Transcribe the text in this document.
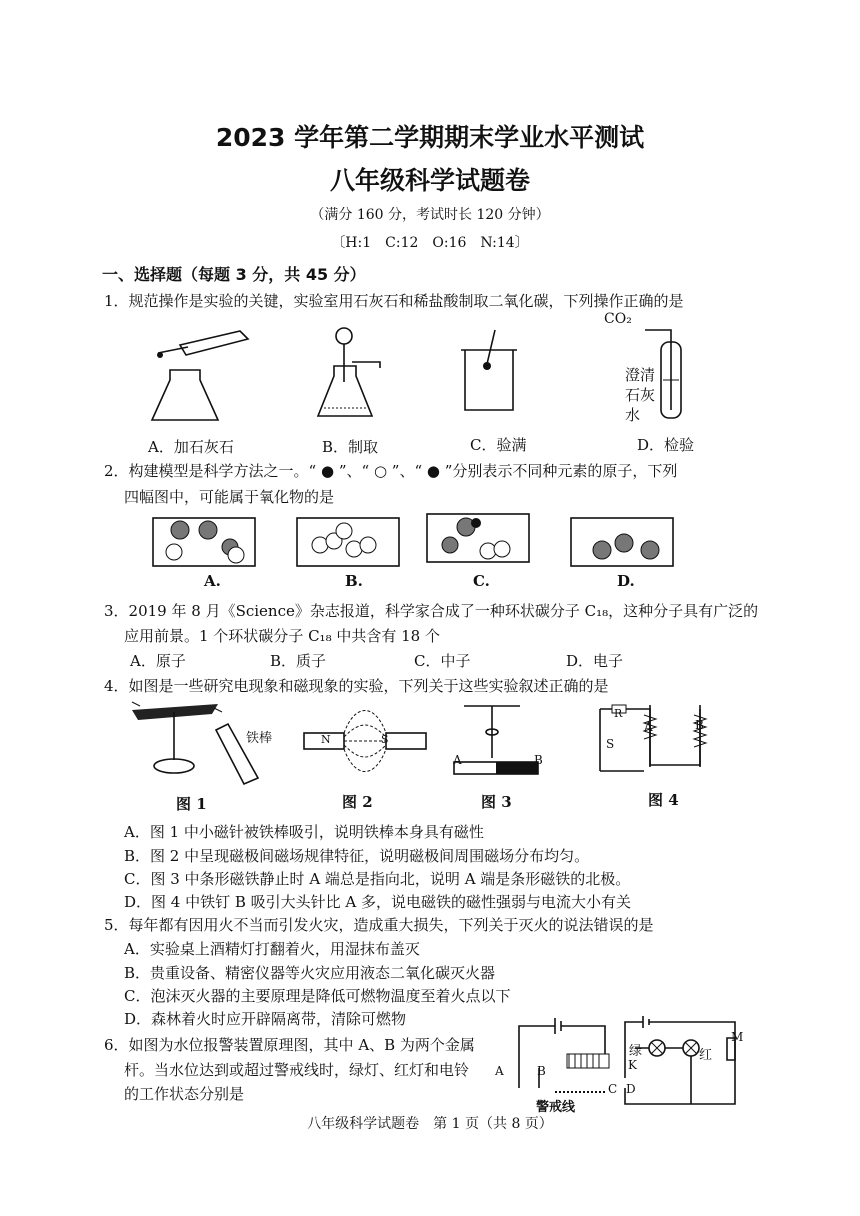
2023 学年第二学期期末学业水平测试
八年级科学试题卷
（满分 160 分，考试时长 120 分钟）
〔H:1　C:12　O:16　N:14〕
一、选择题（每题 3 分，共 45 分）
1．规范操作是实验的关键，实验室用石灰石和稀盐酸制取二氧化碳，下列操作正确的是
CO₂
澄清
石灰
水
A．加石灰石	B．制取	C．验满	D．检验
2．构建模型是科学方法之一。“ ● ”、“ ○ ”、“ ● ”分别表示不同种元素的原子，下列
四幅图中，可能属于氧化物的是
A.	B.	C.	D.
3．2019 年 8 月《Science》杂志报道，科学家合成了一种环状碳分子 C₁₈，这种分子具有广泛的
应用前景。1 个环状碳分子 C₁₈ 中共含有 18 个
A．原子	B．质子	C．中子	D．电子
4．如图是一些研究电现象和磁现象的实验，下列关于这些实验叙述正确的是
铁棒	N	S
A	B
R
A	B
S
图 1	图 2	图 3	图 4
A．图 1 中小磁针被铁棒吸引，说明铁棒本身具有磁性
B．图 2 中呈现磁极间磁场规律特征，说明磁极间周围磁场分布均匀。
C．图 3 中条形磁铁静止时 A 端总是指向北，说明 A 端是条形磁铁的北极。
D．图 4 中铁钉 B 吸引大头针比 A 多，说电磁铁的磁性强弱与电流大小有关
5．每年都有因用火不当而引发火灾，造成重大损失，下列关于灭火的说法错误的是
A．实验桌上酒精灯打翻着火，用湿抹布盖灭
B．贵重设备、精密仪器等火灾应用液态二氧化碳灭火器
C．泡沫灭火器的主要原理是降低可燃物温度至着火点以下
D．森林着火时应开辟隔离带，清除可燃物
6．如图为水位报警装置原理图，其中 A、B 为两个金属
杆。当水位达到或超过警戒线时，绿灯、红灯和电铃
的工作状态分别是
A	B
警戒线
绿	红
K
C D
M
八年级科学试题卷　第 1 页（共 8 页）
